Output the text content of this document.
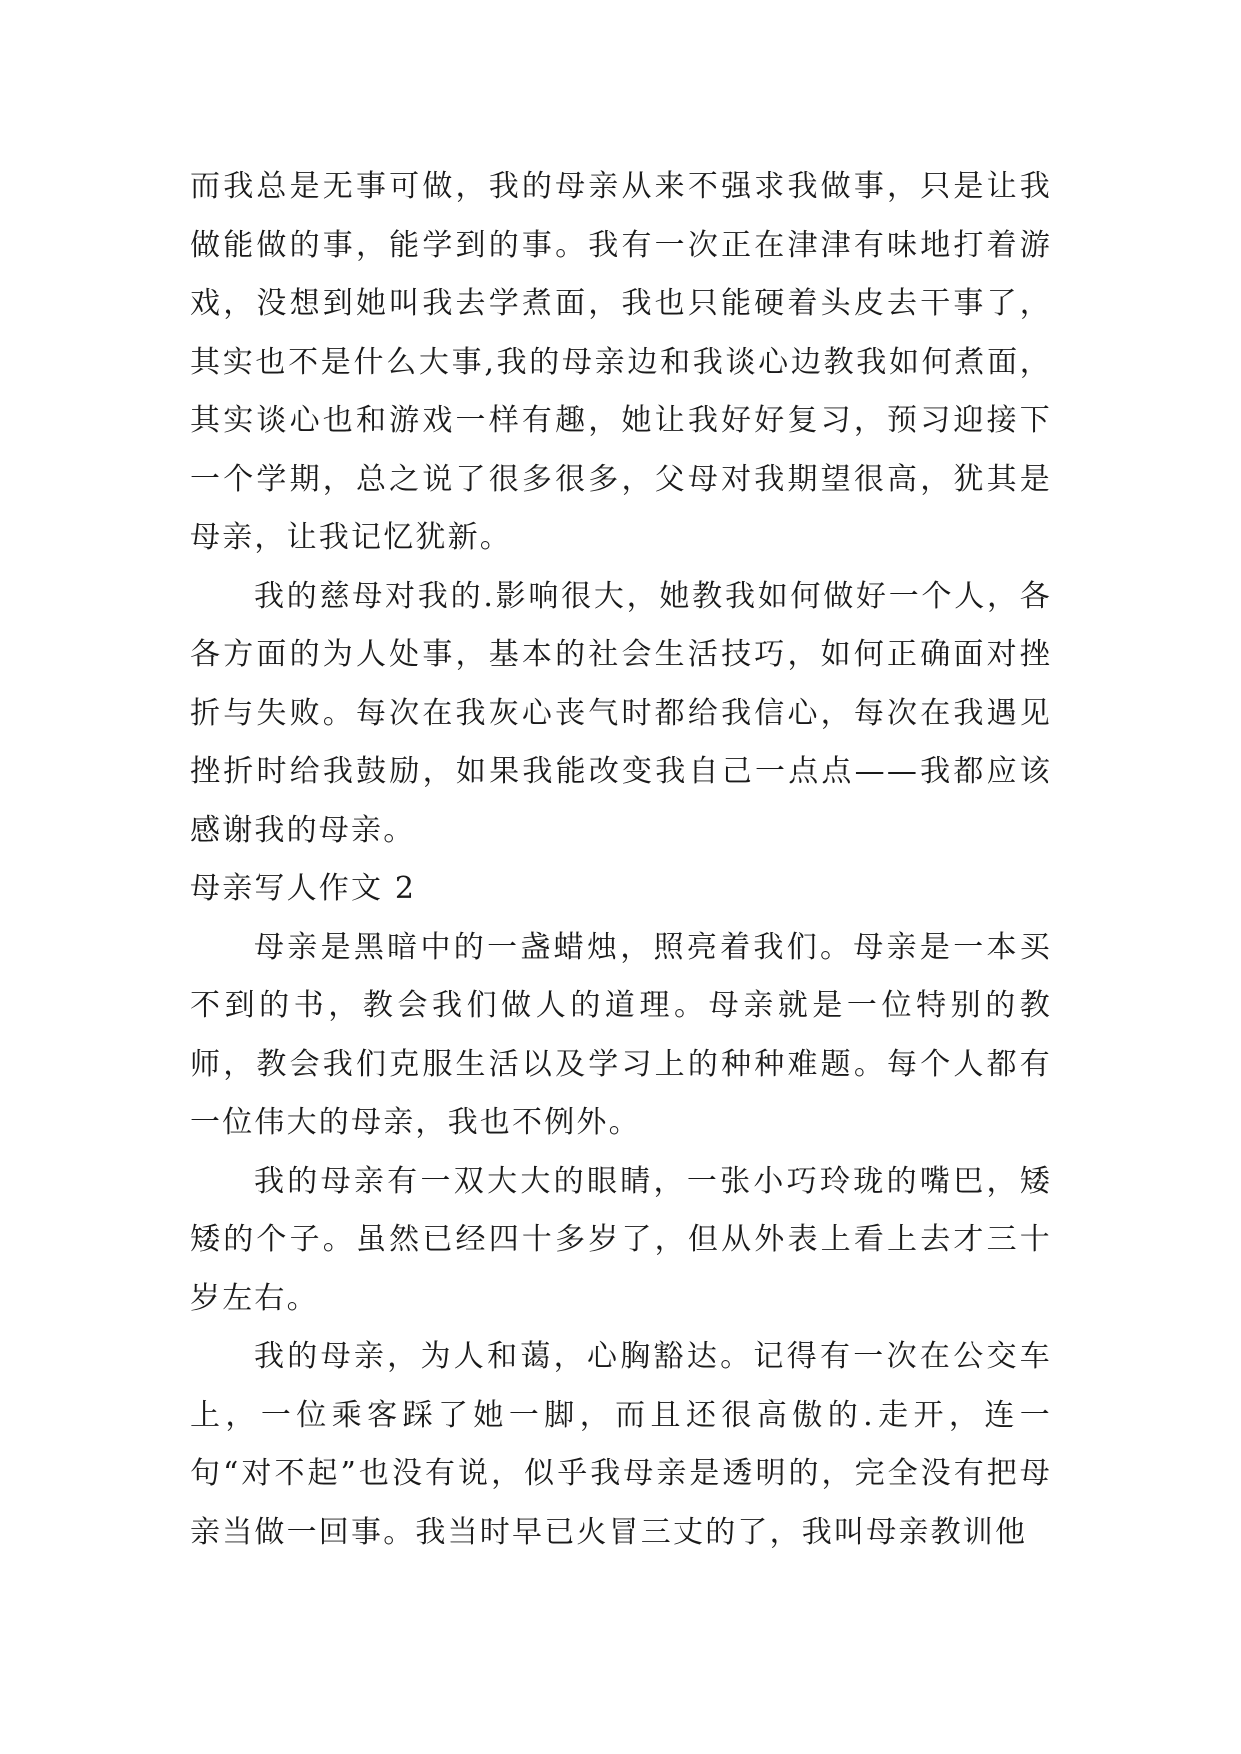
而我总是无事可做，我的母亲从来不强求我做事，只是让我做能做的事，能学到的事。我有一次正在津津有味地打着游戏，没想到她叫我去学煮面，我也只能硬着头皮去干事了，其实也不是什么大事,我的母亲边和我谈心边教我如何煮面，其实谈心也和游戏一样有趣，她让我好好复习，预习迎接下一个学期，总之说了很多很多，父母对我期望很高，犹其是母亲，让我记忆犹新。

我的慈母对我的.影响很大，她教我如何做好一个人，各各方面的为人处事，基本的社会生活技巧，如何正确面对挫折与失败。每次在我灰心丧气时都给我信心，每次在我遇见挫折时给我鼓励，如果我能改变我自己一点点——我都应该感谢我的母亲。

母亲写人作文 2

母亲是黑暗中的一盏蜡烛，照亮着我们。母亲是一本买不到的书，教会我们做人的道理。母亲就是一位特别的教师，教会我们克服生活以及学习上的种种难题。每个人都有一位伟大的母亲，我也不例外。

我的母亲有一双大大的眼睛，一张小巧玲珑的嘴巴，矮矮的个子。虽然已经四十多岁了，但从外表上看上去才三十岁左右。

我的母亲，为人和蔼，心胸豁达。记得有一次在公交车上，一位乘客踩了她一脚，而且还很高傲的.走开，连一句“对不起”也没有说，似乎我母亲是透明的，完全没有把母亲当做一回事。我当时早已火冒三丈的了，我叫母亲教训他
